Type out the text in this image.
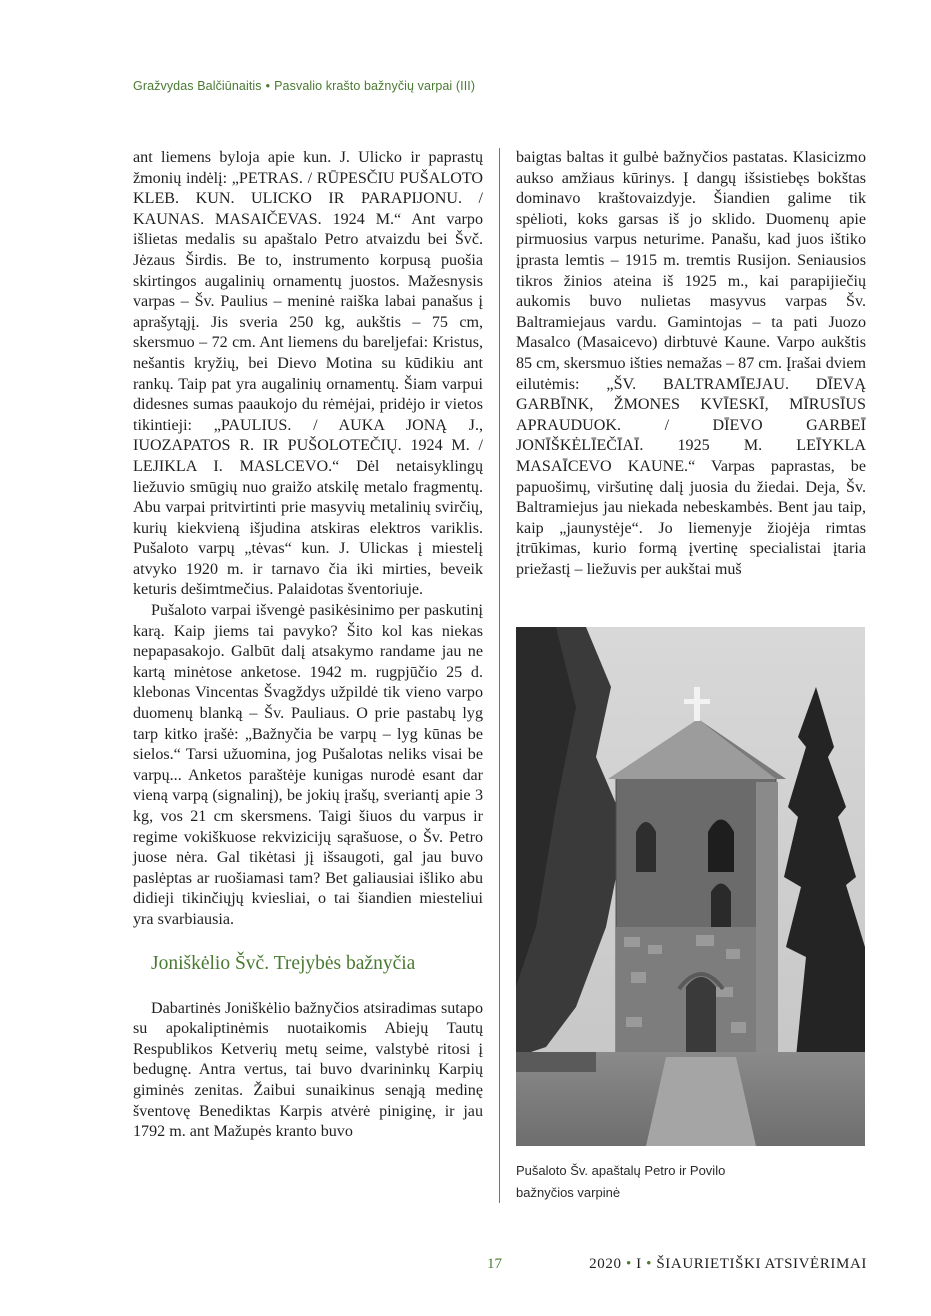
Gražvydas Balčiūnaitis • Pasvalio krašto bažnyčių varpai (III)

ant liemens byloja apie kun. J. Ulicko ir paprastų žmonių indėlį: „PETRAS. / RŪPESČIU PUŠALOTO KLEB. KUN. ULICKO IR PARAPIJONU. / KAUNAS. MASAIČEVAS. 1924 M.“ Ant varpo išlietas medalis su apaštalo Petro atvaizdu bei Švč. Jėzaus Širdis. Be to, instrumento korpusą puošia skirtingos augalinių ornamentų juostos. Mažesnysis varpas – Šv. Paulius – meninė raiška labai panašus į aprašytąjį. Jis sveria 250 kg, aukštis – 75 cm, skersmuo – 72 cm. Ant liemens du bareljefai: Kristus, nešantis kryžių, bei Dievo Motina su kūdikiu ant rankų. Taip pat yra augalinių ornamentų. Šiam varpui didesnes sumas paaukojo du rėmėjai, pridėjo ir vietos tikintieji: „PAULIUS. / AUKA JONĄ J., IUOZAPATOS R. IR PUŠOLOTEČIŲ. 1924 M. / LEJIKLA I. MASLCEVO.“ Dėl netaisyklingų liežuvio smūgių nuo graižo atskilę metalo fragmentų. Abu varpai pritvirtinti prie masyvių metalinių svirčių, kurių kiekvieną išjudina atskiras elektros variklis. Pušaloto varpų „tėvas“ kun. J. Ulickas į miestelį atvyko 1920 m. ir tarnavo čia iki mirties, beveik keturis dešimtmečius. Palaidotas šventoriuje.

Pušaloto varpai išvengė pasikėsinimo per paskutinį karą. Kaip jiems tai pavyko? Šito kol kas niekas nepapasakojo. Galbūt dalį atsakymo randame jau ne kartą minėtose anketose. 1942 m. rugpjūčio 25 d. klebonas Vincentas Švagždys užpildė tik vieno varpo duomenų blanką – Šv. Pauliaus. O prie pastabų lyg tarp kitko įrašė: „Bažnyčia be varpų – lyg kūnas be sielos.“ Tarsi užuomina, jog Pušalotas neliks visai be varpų... Anketos paraštėje kunigas nurodė esant dar vieną varpą (signalinį), be jokių įrašų, sveriantį apie 3 kg, vos 21 cm skersmens. Taigi šiuos du varpus ir regime vokiškuose rekvizicijų sąrašuose, o Šv. Petro juose nėra. Gal tikėtasi jį išsaugoti, gal jau buvo paslėptas ar ruošiamasi tam? Bet galiausiai išliko abu didieji tikinčiųjų kviesliai, o tai šiandien miesteliui yra svarbiausia.

Joniškėlio Švč. Trejybės bažnyčia

Dabartinės Joniškėlio bažnyčios atsiradimas sutapo su apokaliptinėmis nuotaikomis Abiejų Tautų Respublikos Ketverių metų seime, valstybė ritosi į bedugnę. Antra vertus, tai buvo dvarininkų Karpių giminės zenitas. Žaibui sunaikinus senąją medinę šventovę Benediktas Karpis atvėrė piniginę, ir jau 1792 m. ant Mažupės kranto buvo

baigtas baltas it gulbė bažnyčios pastatas. Klasicizmo aukso amžiaus kūrinys. Į dangų išsistiebęs bokštas dominavo kraštovaizdyje. Šiandien galime tik spėlioti, koks garsas iš jo sklido. Duomenų apie pirmuosius varpus neturime. Panašu, kad juos ištiko įprasta lemtis – 1915 m. tremtis Rusijon. Seniausios tikros žinios ateina iš 1925 m., kai parapijiečių aukomis buvo nulietas masyvus varpas Šv. Baltramiejaus vardu. Gamintojas – ta pati Juozo Masalco (Masaicevo) dirbtuvė Kaune. Varpo aukštis 85 cm, skersmuo išties nemažas – 87 cm. Įrašai dviem eilutėmis: „ŠV. BALTRAMĪEJAU. DĪEVĄ GARBĪNK, ŽMONES KVĪESKĪ, MĪRUSĪUS APRAUDUOK. / DĪEVO GARBEĪ JONĪŠKĖLĪEČĪAĪ. 1925 M. LEĪYKLA MASAĪCEVO KAUNE.“ Varpas paprastas, be papuošimų, viršutinę dalį juosia du žiedai. Deja, Šv. Baltramiejus jau niekada nebeskambės. Bent jau taip, kaip „jaunystėje“. Jo liemenyje žiojėja rimtas įtrūkimas, kurio formą įvertinę specialistai įtaria priežastį – liežuvis per aukštai muš

Pušaloto Šv. apaštalų Petro ir Povilo
bažnyčios varpinė
17	2020 • I • ŠIAURIETIŠKI ATSIVĖRIMAI
